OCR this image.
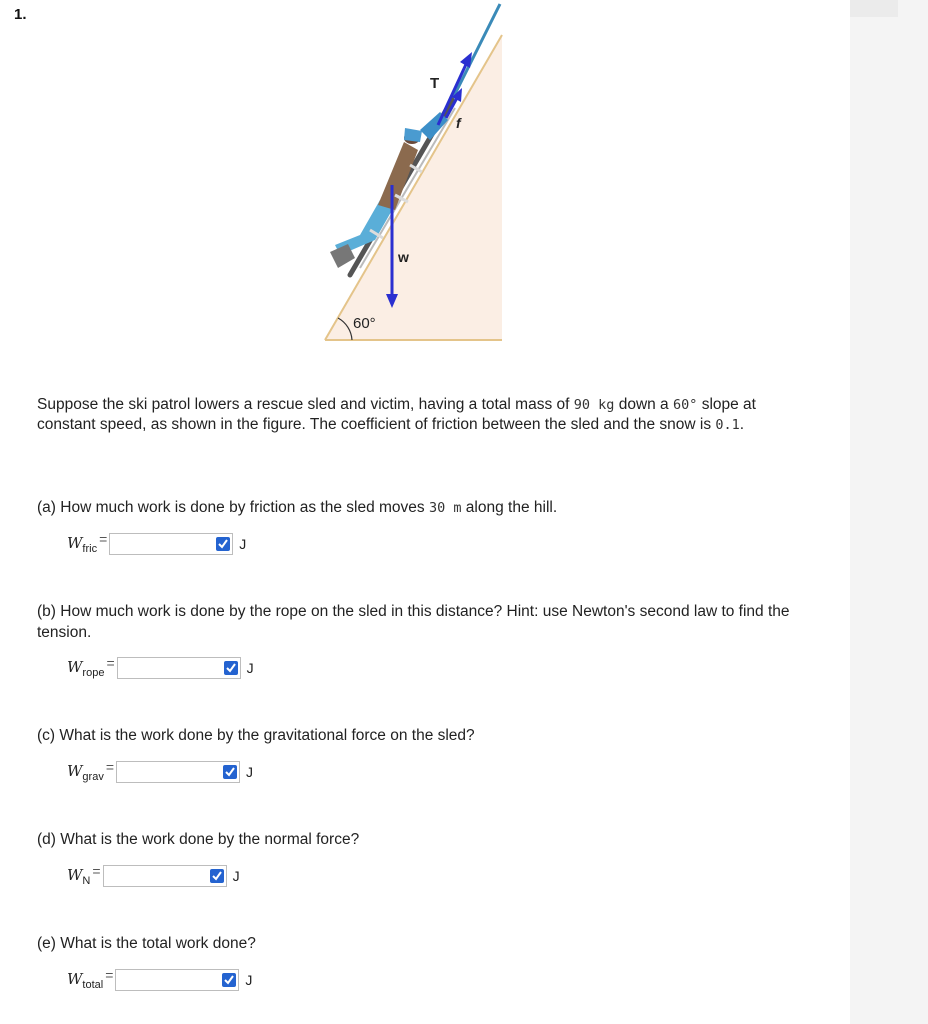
1.
T
f
w
60°
Suppose the ski patrol lowers a rescue sled and victim, having a total mass of 90 kg down a 60° slope at constant speed, as shown in the figure. The coefficient of friction between the sled and the snow is 0.1.
(a) How much work is done by friction as the sled moves 30 m along the hill.
$W_{fric}$
=	J
(b) How much work is done by the rope on the sled in this distance? Hint: use Newton's second law to find the tension.
$W_{rope}$
=	J
(c) What is the work done by the gravitational force on the sled?
$W_{grav}$
=	J
(d) What is the work done by the normal force?
$W_N$
=	J
(e) What is the total work done?
$W_{total}$
=	J
